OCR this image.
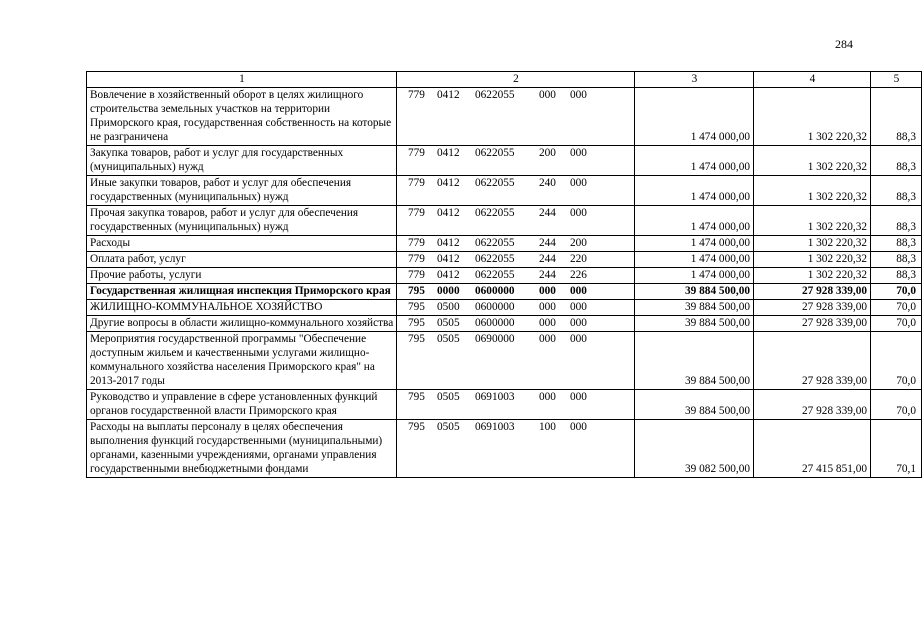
284
1	2	3	4	5
Вовлечение в хозяйственный оборот в целях жилищного строительства земельных участков на территории Приморского края, государственная собственность на которые не разграничена	779 0412 0622055 000 000	1 474 000,00	1 302 220,32	88,3
Закупка товаров, работ и услуг для государственных (муниципальных) нужд	779 0412 0622055 200 000	1 474 000,00	1 302 220,32	88,3
Иные закупки товаров, работ и услуг для обеспечения государственных (муниципальных) нужд	779 0412 0622055 240 000	1 474 000,00	1 302 220,32	88,3
Прочая закупка товаров, работ и услуг для обеспечения государственных (муниципальных) нужд	779 0412 0622055 244 000	1 474 000,00	1 302 220,32	88,3
Расходы	779 0412 0622055 244 200	1 474 000,00	1 302 220,32	88,3
Оплата работ, услуг	779 0412 0622055 244 220	1 474 000,00	1 302 220,32	88,3
Прочие работы, услуги	779 0412 0622055 244 226	1 474 000,00	1 302 220,32	88,3
Государственная жилищная инспекция Приморского края	795 0000 0600000 000 000	39 884 500,00	27 928 339,00	70,0
ЖИЛИЩНО-КОММУНАЛЬНОЕ ХОЗЯЙСТВО	795 0500 0600000 000 000	39 884 500,00	27 928 339,00	70,0
Другие вопросы в области жилищно-коммунального хозяйства	795 0505 0600000 000 000	39 884 500,00	27 928 339,00	70,0
Мероприятия государственной программы "Обеспечение доступным жильем и качественными услугами жилищно-коммунального хозяйства населения Приморского края" на 2013-2017 годы	795 0505 0690000 000 000	39 884 500,00	27 928 339,00	70,0
Руководство и управление в сфере установленных функций органов государственной власти Приморского края	795 0505 0691003 000 000	39 884 500,00	27 928 339,00	70,0
Расходы на выплаты персоналу в целях обеспечения выполнения функций государственными (муниципальными) органами, казенными учреждениями, органами управления государственными внебюджетными фондами	795 0505 0691003 100 000	39 082 500,00	27 415 851,00	70,1
